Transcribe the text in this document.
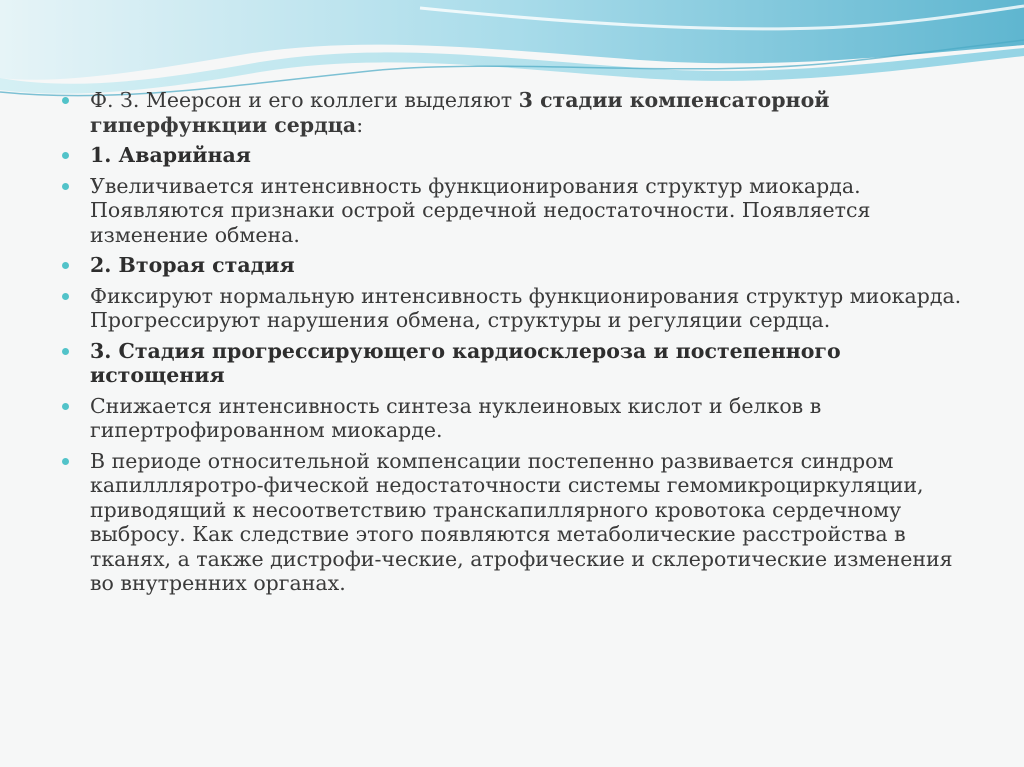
Ф. З. Меерсон и его коллеги выделяют 3 стадии компенсаторной гиперфункции сердца:
1. Аварийная
Увеличивается интенсивность функционирования структур миокарда. Появляются признаки острой сердечной недостаточности. Появляется изменение обмена.
2. Вторая стадия
Фиксируют нормальную интенсивность функционирования структур миокарда. Прогрессируют нарушения обмена, структуры и регуляции сердца.
3. Стадия прогрессирующего кардиосклероза и постепенного истощения
Снижается интенсивность синтеза нуклеиновых кислот и белков в гипертрофированном миокарде.
В периоде относительной компенсации постепенно развивается синдром капиллляротро-фической недостаточности системы гемомикроциркуляции, приводящий к несоответствию транскапиллярного кровотока сердечному выбросу. Как следствие этого появляются метаболические расстройства в тканях, а также дистрофи-ческие, атрофические и склеротические изменения во внутренних органах.
